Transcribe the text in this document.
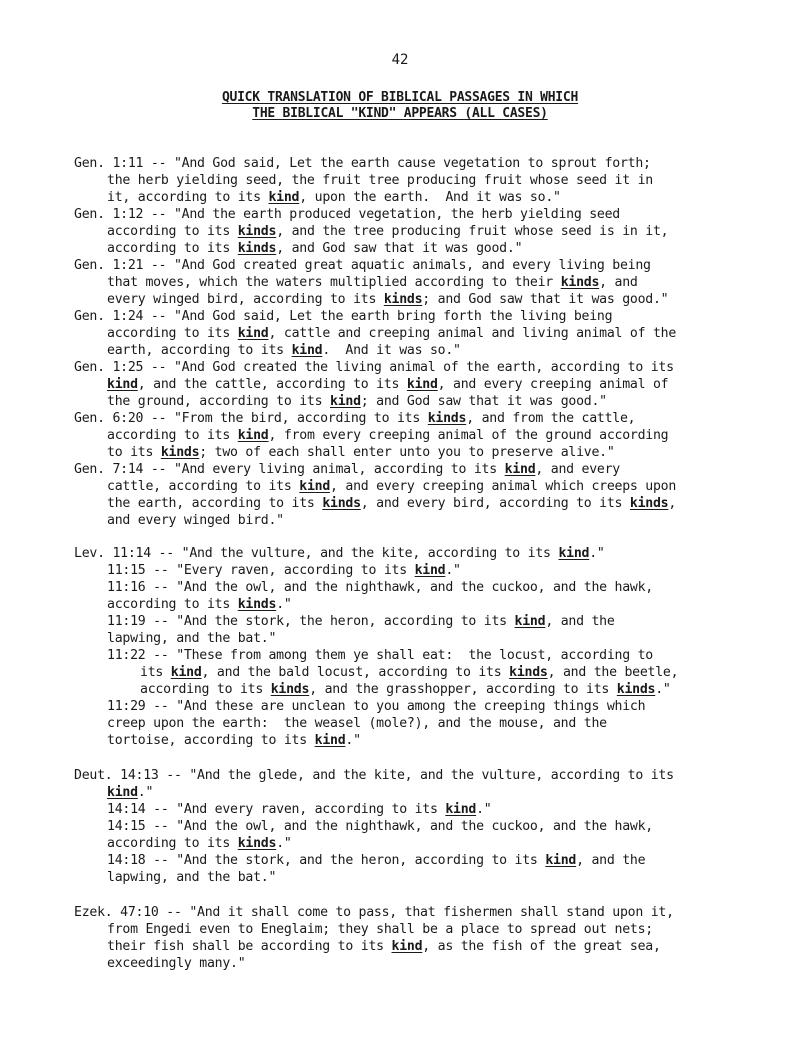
42
QUICK TRANSLATION OF BIBLICAL PASSAGES IN WHICH
THE BIBLICAL "KIND" APPEARS (ALL CASES)
Gen. 1:11 -- "And God said, Let the earth cause vegetation to sprout forth;
the herb yielding seed, the fruit tree producing fruit whose seed it in
it, according to its kind, upon the earth.  And it was so."
Gen. 1:12 -- "And the earth produced vegetation, the herb yielding seed
according to its kinds, and the tree producing fruit whose seed is in it,
according to its kinds, and God saw that it was good."
Gen. 1:21 -- "And God created great aquatic animals, and every living being
that moves, which the waters multiplied according to their kinds, and
every winged bird, according to its kinds; and God saw that it was good."
Gen. 1:24 -- "And God said, Let the earth bring forth the living being
according to its kind, cattle and creeping animal and living animal of the
earth, according to its kind.  And it was so."
Gen. 1:25 -- "And God created the living animal of the earth, according to its
kind, and the cattle, according to its kind, and every creeping animal of
the ground, according to its kind; and God saw that it was good."
Gen. 6:20 -- "From the bird, according to its kinds, and from the cattle,
according to its kind, from every creeping animal of the ground according
to its kinds; two of each shall enter unto you to preserve alive."
Gen. 7:14 -- "And every living animal, according to its kind, and every
cattle, according to its kind, and every creeping animal which creeps upon
the earth, according to its kinds, and every bird, according to its kinds,
and every winged bird."
Lev. 11:14 -- "And the vulture, and the kite, according to its kind."
11:15 -- "Every raven, according to its kind."
11:16 -- "And the owl, and the nighthawk, and the cuckoo, and the hawk,
according to its kinds."
11:19 -- "And the stork, the heron, according to its kind, and the
lapwing, and the bat."
11:22 -- "These from among them ye shall eat:  the locust, according to
its kind, and the bald locust, according to its kinds, and the beetle,
according to its kinds, and the grasshopper, according to its kinds."
11:29 -- "And these are unclean to you among the creeping things which
creep upon the earth:  the weasel (mole?), and the mouse, and the
tortoise, according to its kind."
Deut. 14:13 -- "And the glede, and the kite, and the vulture, according to its
kind."
14:14 -- "And every raven, according to its kind."
14:15 -- "And the owl, and the nighthawk, and the cuckoo, and the hawk,
according to its kinds."
14:18 -- "And the stork, and the heron, according to its kind, and the
lapwing, and the bat."
Ezek. 47:10 -- "And it shall come to pass, that fishermen shall stand upon it,
from Engedi even to Eneglaim; they shall be a place to spread out nets;
their fish shall be according to its kind, as the fish of the great sea,
exceedingly many."
